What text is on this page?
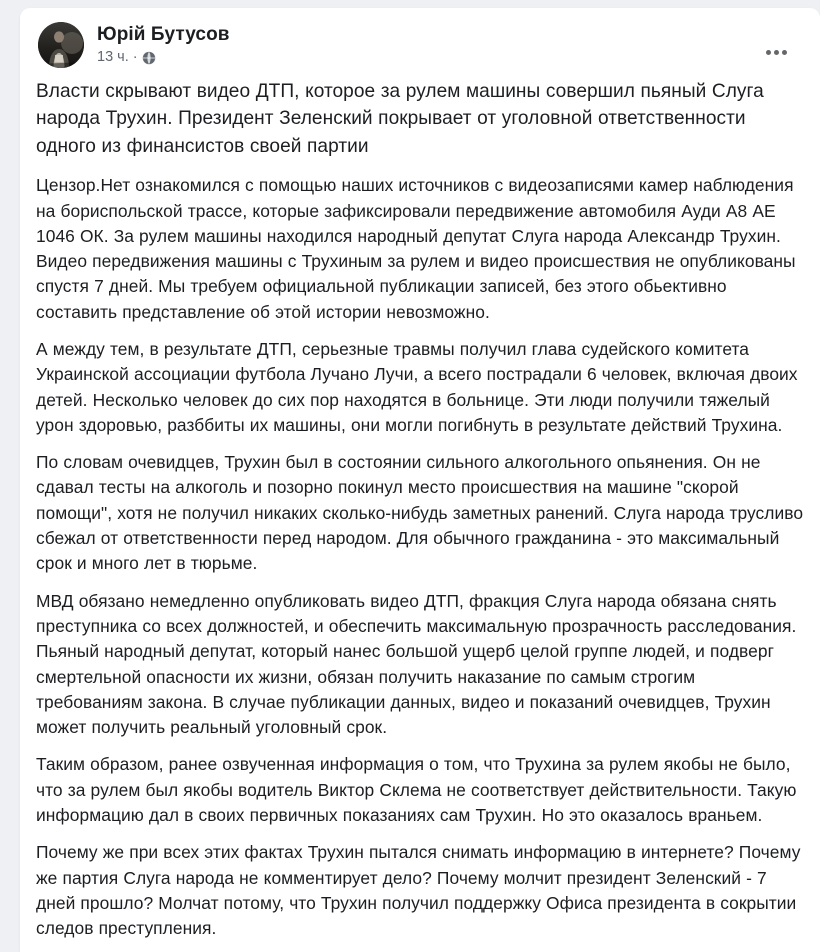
Юрій Бутусов
13 ч. ·

Власти скрывают видео ДТП, которое за рулем машины совершил пьяный Слуга народа Трухин. Президент Зеленский покрывает от уголовной ответственности одного из финансистов своей партии

Цензор.Нет ознакомился с помощью наших источников с видеозаписями камер наблюдения на бориспольской трассе, которые зафиксировали передвижение автомобиля Ауди А8 АЕ 1046 ОК. За рулем машины находился народный депутат Слуга народа Александр Трухин. Видео передвижения машины с Трухиным за рулем и видео происшествия не опубликованы спустя 7 дней. Мы требуем официальной публикации записей, без этого обьективно составить представление об этой истории невозможно.

А между тем, в результате ДТП, серьезные травмы получил глава судейского комитета Украинской ассоциации футбола Лучано Лучи, а всего пострадали 6 человек, включая двоих детей. Несколько человек до сих пор находятся в больнице. Эти люди получили тяжелый урон здоровью, разббиты их машины, они могли погибнуть в результате действий Трухина.

По словам очевидцев, Трухин был в состоянии сильного алкогольного опьянения. Он не сдавал тесты на алкоголь и позорно покинул место происшествия на машине "скорой помощи", хотя не получил никаких сколько-нибудь заметных ранений. Слуга народа трусливо сбежал от ответственности перед народом. Для обычного гражданина - это максимальный срок и много лет в тюрьме.

МВД обязано немедленно опубликовать видео ДТП, фракция Слуга народа обязана снять преступника со всех должностей, и обеспечить максимальную прозрачность расследования. Пьяный народный депутат, который нанес большой ущерб целой группе людей, и подверг смертельной опасности их жизни, обязан получить наказание по самым строгим требованиям закона. В случае публикации данных, видео и показаний очевидцев, Трухин может получить реальный уголовный срок.

Таким образом, ранее озвученная информация о том, что Трухина за рулем якобы не было, что за рулем был якобы водитель Виктор Склема не соответствует действительности. Такую информацию дал в своих первичных показаниях сам Трухин. Но это оказалось враньем.

Почему же при всех этих фактах Трухин пытался снимать информацию в интернете? Почему же партия Слуга народа не комментирует дело? Почему молчит президент Зеленский - 7 дней прошло? Молчат потому, что Трухин получил поддержку Офиса президента в сокрытии следов преступления.
